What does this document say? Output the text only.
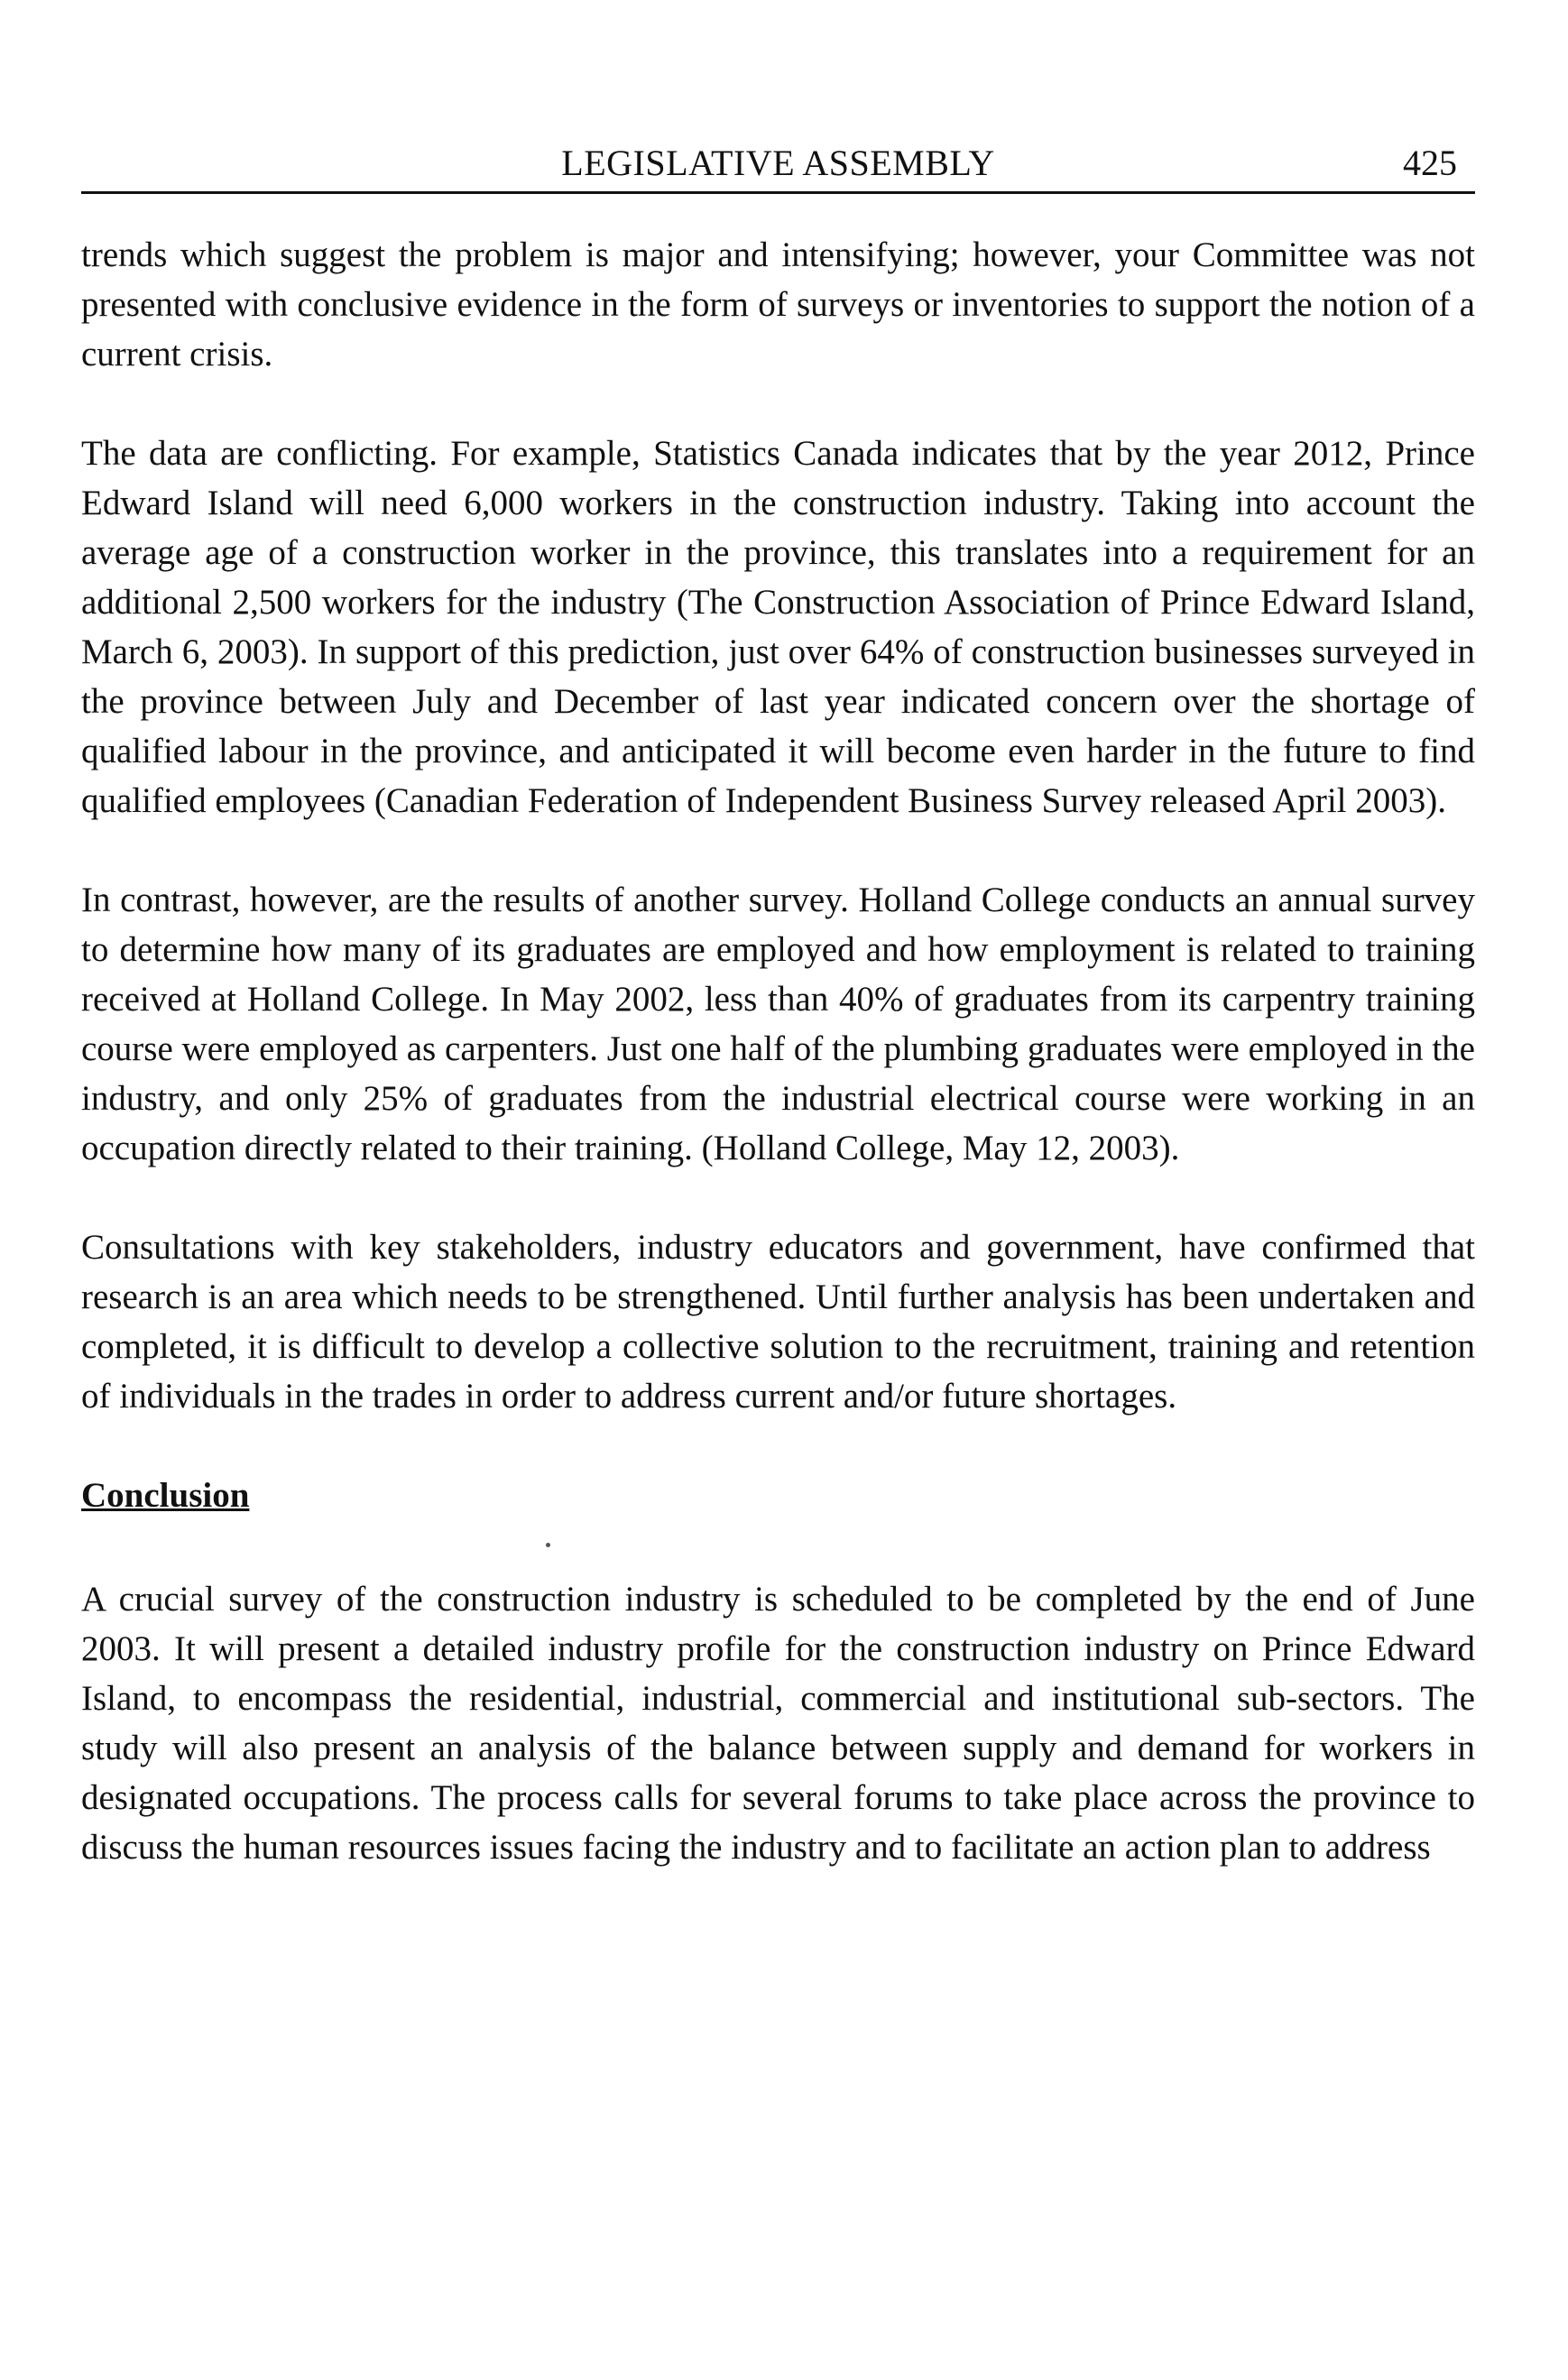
LEGISLATIVE ASSEMBLY	425

trends which suggest the problem is major and intensifying; however, your Committee was not presented with conclusive evidence in the form of surveys or inventories to support the notion of a current crisis.

The data are conflicting. For example, Statistics Canada indicates that by the year 2012, Prince Edward Island will need 6,000 workers in the construction industry. Taking into account the average age of a construction worker in the province, this translates into a requirement for an additional 2,500 workers for the industry (The Construction Association of Prince Edward Island, March 6, 2003). In support of this prediction, just over 64% of construction businesses surveyed in the province between July and December of last year indicated concern over the shortage of qualified labour in the province, and anticipated it will become even harder in the future to find qualified employees (Canadian Federation of Independent Business Survey released April 2003).

In contrast, however, are the results of another survey. Holland College conducts an annual survey to determine how many of its graduates are employed and how employment is related to training received at Holland College. In May 2002, less than 40% of graduates from its carpentry training course were employed as carpenters. Just one half of the plumbing graduates were employed in the industry, and only 25% of graduates from the industrial electrical course were working in an occupation directly related to their training. (Holland College, May 12, 2003).

Consultations with key stakeholders, industry educators and government, have confirmed that research is an area which needs to be strengthened. Until further analysis has been undertaken and completed, it is difficult to develop a collective solution to the recruitment, training and retention of individuals in the trades in order to address current and/or future shortages.

Conclusion

A crucial survey of the construction industry is scheduled to be completed by the end of June 2003. It will present a detailed industry profile for the construction industry on Prince Edward Island, to encompass the residential, industrial, commercial and institutional sub-sectors. The study will also present an analysis of the balance between supply and demand for workers in designated occupations. The process calls for several forums to take place across the province to discuss the human resources issues facing the industry and to facilitate an action plan to address
